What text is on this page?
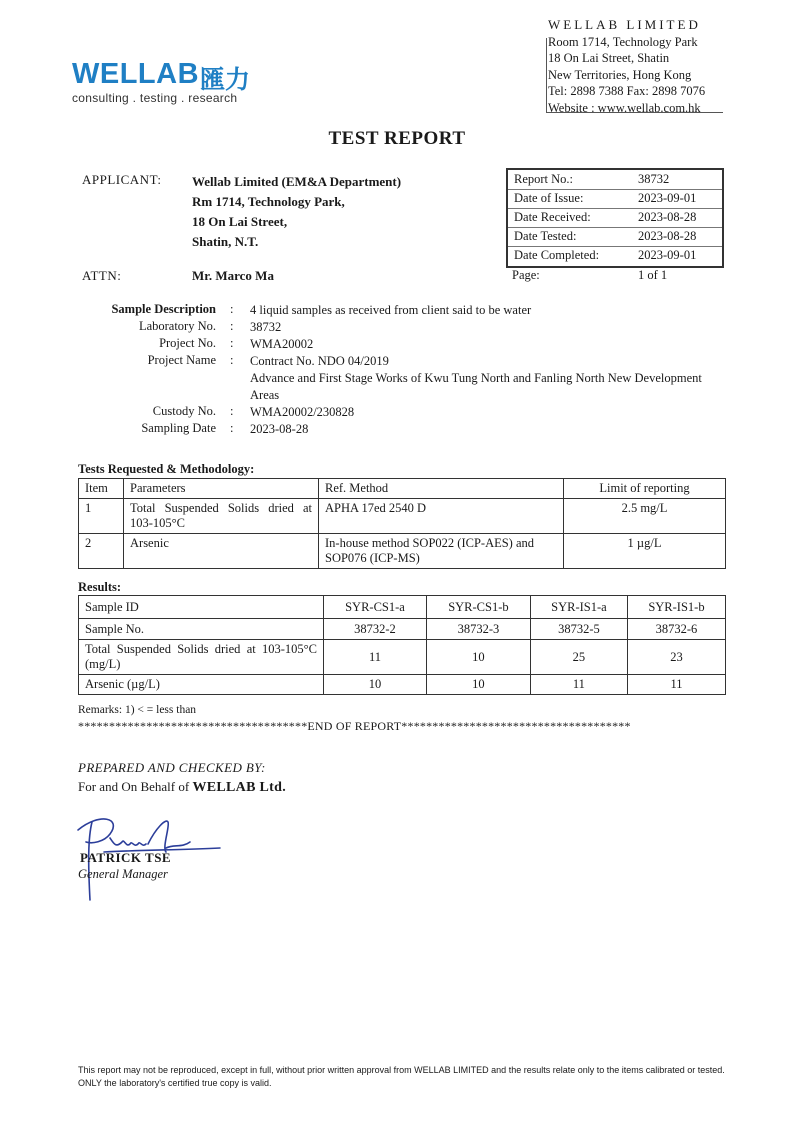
WELLAB 匯力
consulting . testing . research
WELLAB LIMITED
Room 1714, Technology Park
18 On Lai Street, Shatin
New Territories, Hong Kong
Tel: 2898 7388 Fax: 2898 7076
Website : www.wellab.com.hk
TEST REPORT
APPLICANT: Wellab Limited (EM&A Department)
Rm 1714, Technology Park,
18 On Lai Street,
Shatin, N.T.
ATTN:	Mr. Marco Ma
Report No.:	38732
Date of Issue:	2023-09-01
Date Received:	2023-08-28
Date Tested:	2023-08-28
Date Completed:	2023-09-01
Page:	1 of 1
Sample Description : 4 liquid samples as received from client said to be water
Laboratory No. : 38732
Project No. : WMA20002
Project Name : Contract No. NDO 04/2019
Advance and First Stage Works of Kwu Tung North and Fanling North New Development Areas
Custody No. : WMA20002/230828
Sampling Date : 2023-08-28
Tests Requested & Methodology:
Item	Parameters	Ref. Method	Limit of reporting
1	Total Suspended Solids dried at 103-105°C	APHA 17ed 2540 D	2.5 mg/L
2	Arsenic	In-house method SOP022 (ICP-AES) and SOP076 (ICP-MS)	1 µg/L
Results:
Sample ID	SYR-CS1-a	SYR-CS1-b	SYR-IS1-a	SYR-IS1-b
Sample No.	38732-2	38732-3	38732-5	38732-6
Total Suspended Solids dried at 103-105°C (mg/L)	11	10	25	23
Arsenic (µg/L)	10	10	11	11
Remarks: 1) < = less than
*************************************END OF REPORT*************************************
PREPARED AND CHECKED BY:
For and On Behalf of WELLAB Ltd.
PATRICK TSE
General Manager
This report may not be reproduced, except in full, without prior written approval from WELLAB LIMITED and the results relate only to the items calibrated or tested. ONLY the laboratory's certified true copy is valid.
